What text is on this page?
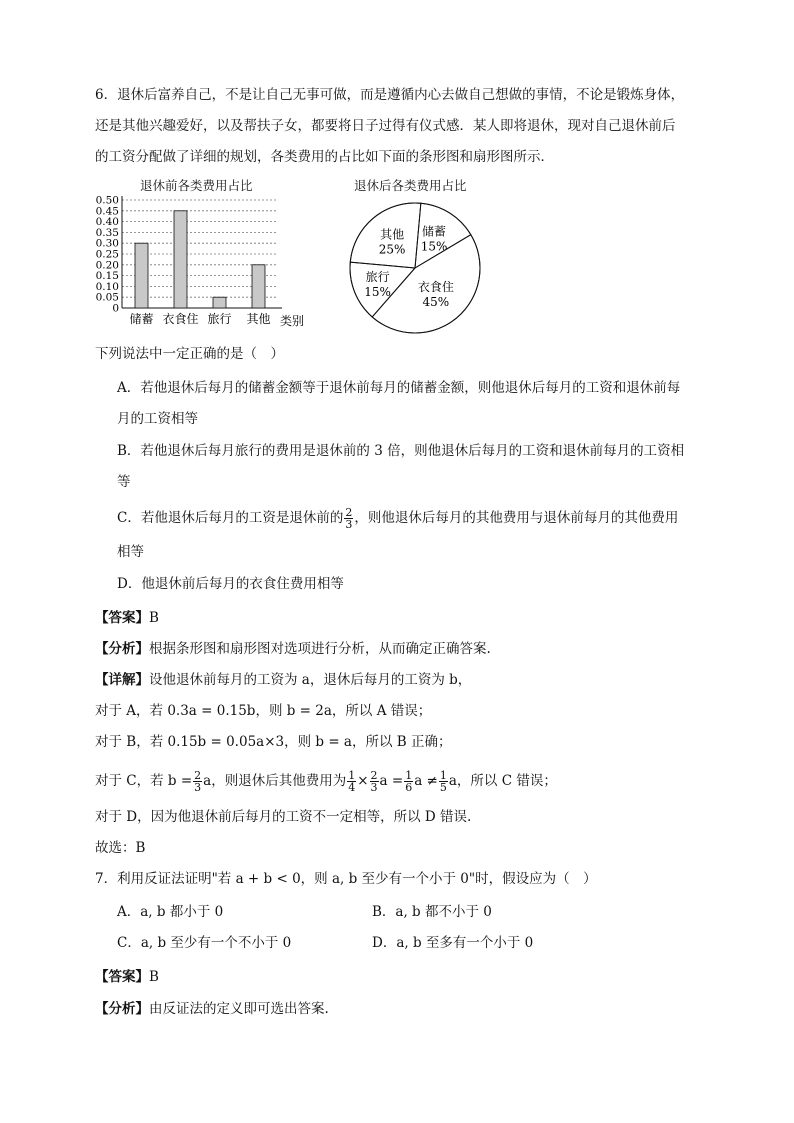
6．退休后富养自己，不是让自己无事可做，而是遵循内心去做自己想做的事情，不论是锻炼身体，
还是其他兴趣爱好，以及帮扶子女，都要将日子过得有仪式感．某人即将退休，现对自己退休前后
的工资分配做了详细的规划，各类费用的占比如下面的条形图和扇形图所示．
退休前各类费用占比
0
0.05
0.10
0.15
0.20
0.25
0.30
0.35
0.40
0.45
0.50
储蓄 衣食住 旅行 其他 类别
退休后各类费用占比
储蓄
15%
衣食住
45%
旅行
15%
其他
25%
下列说法中一定正确的是（　）
A．若他退休后每月的储蓄金额等于退休前每月的储蓄金额，则他退休后每月的工资和退休前每
月的工资相等
B．若他退休后每月旅行的费用是退休前的 3 倍，则他退休后每月的工资和退休前每月的工资相
等
C．若他退休后每月的工资是退休前的 $\frac{2}{3}$ ，则他退休后每月的其他费用与退休前每月的其他费用
相等
D．他退休前后每月的衣食住费用相等
【答案】B
【分析】根据条形图和扇形图对选项进行分析，从而确定正确答案.
【详解】设他退休前每月的工资为 a，退休后每月的工资为 b，
对于 A，若 0.3a = 0.15b，则 b = 2a，所以 A 错误；
对于 B，若 0.15b = 0.05a×3，则 b = a，所以 B 正确；
对于 C，若 $b = \frac{2}{3}$ a，则退休后其他费用为 $\frac{1}{4} \times \frac{2}{3}$ $a = \frac{1}{6}$ $a \ne \frac{1}{5}$ a，所以 C 错误；
对于 D，因为他退休前后每月的工资不一定相等，所以 D 错误.
故选：B
7．利用反证法证明"若 a + b < 0，则 a, b 至少有一个小于 0"时，假设应为（　）
A．a, b 都小于 0	B．a, b 都不小于 0
C．a, b 至少有一个不小于 0	D．a, b 至多有一个小于 0
【答案】B
【分析】由反证法的定义即可选出答案.
